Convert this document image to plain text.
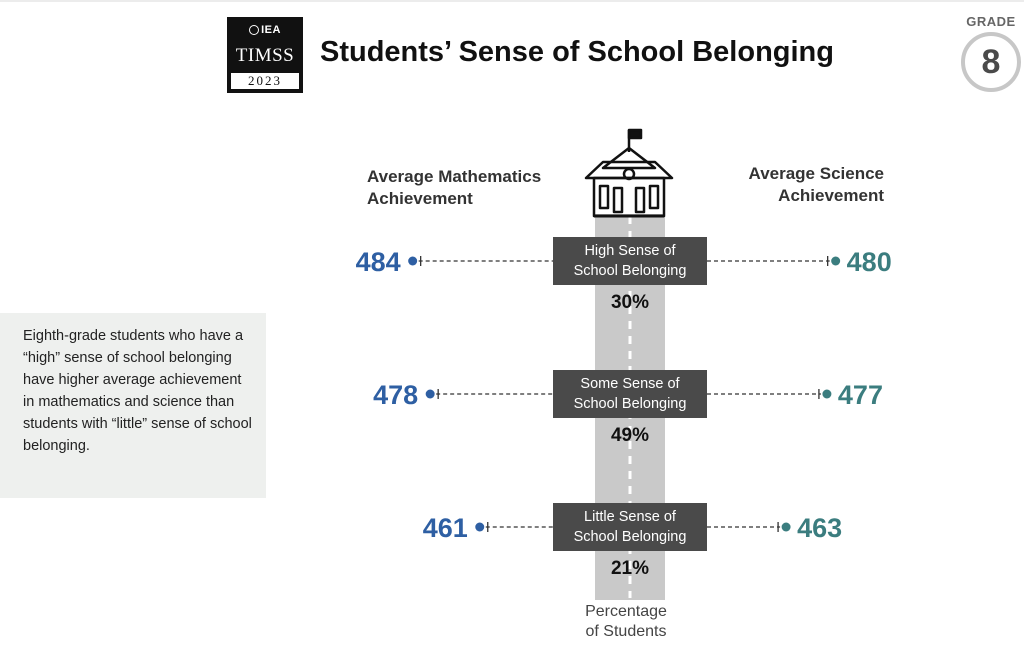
IEA
TIMSS
2023
Students’ Sense of School Belonging
GRADE
8
Eighth-grade students who have a “high” sense of school belonging have higher average achievement in mathematics and science than students with “little” sense of school belonging.
Average Mathematics Achievement
Average Science Achievement
484	480
High Sense of
School Belonging
30%
478	477
Some Sense of
School Belonging
49%
461	463
Little Sense of
School Belonging
21%
Percentage
of Students
